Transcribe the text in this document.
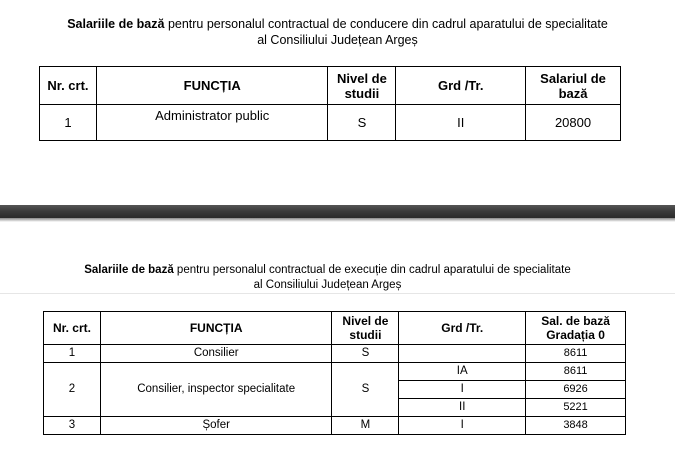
Salariile de bază pentru personalul contractual de conducere din cadrul aparatului de specialitate
al Consiliului Județean Argeș
Nr. crt.	FUNCȚIA	Nivel de studii	Grd /Tr.	Salariul de bază
1	Administrator public	S	II	20800
Salariile de bază pentru personalul contractual de execuție din cadrul aparatului de specialitate
al Consiliului Județean Argeș
Nr. crt.	FUNCȚIA	Nivel de studii	Grd /Tr.	Sal. de bază Gradația 0
1	Consilier	S		8611
2	Consilier, inspector specialitate	S	IA	8611
			I	6926
			II	5221
3	Șofer	M	I	3848
